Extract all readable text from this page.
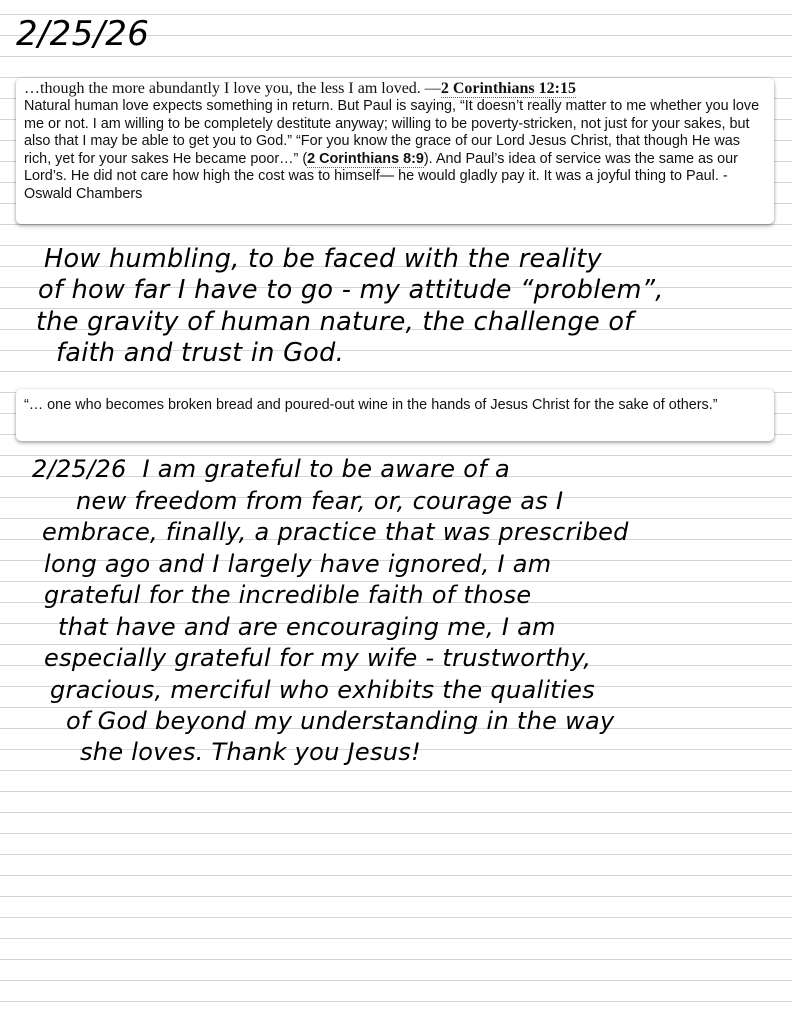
2/25/26

…though the more abundantly I love you, the less I am loved. —2 Corinthians 12:15

Natural human love expects something in return. But Paul is saying, “It doesn’t really matter to me whether you love me or not. I am willing to be completely destitute anyway; willing to be poverty-stricken, not just for your sakes, but also that I may be able to get you to God.” “For you know the grace of our Lord Jesus Christ, that though He was rich, yet for your sakes He became poor…” (2 Corinthians 8:9). And Paul’s idea of service was the same as our Lord’s. He did not care how high the cost was to himself— he would gladly pay it. It was a joyful thing to Paul. - Oswald Chambers

How humbling, to be faced with the reality

of how far I have to go - my attitude “problem”,

the gravity of human nature, the challenge of

faith and trust in God.

“… one who becomes broken bread and poured-out wine in the hands of Jesus Christ for the sake of others.”

2/25/26  I am grateful to be aware of a

new freedom from fear, or, courage as I

embrace, finally, a practice that was prescribed

long ago and I largely have ignored, I am

grateful for the incredible faith of those

that have and are encouraging me, I am

especially grateful for my wife - trustworthy,

gracious, merciful who exhibits the qualities

of God beyond my understanding in the way

she loves. Thank you Jesus!
